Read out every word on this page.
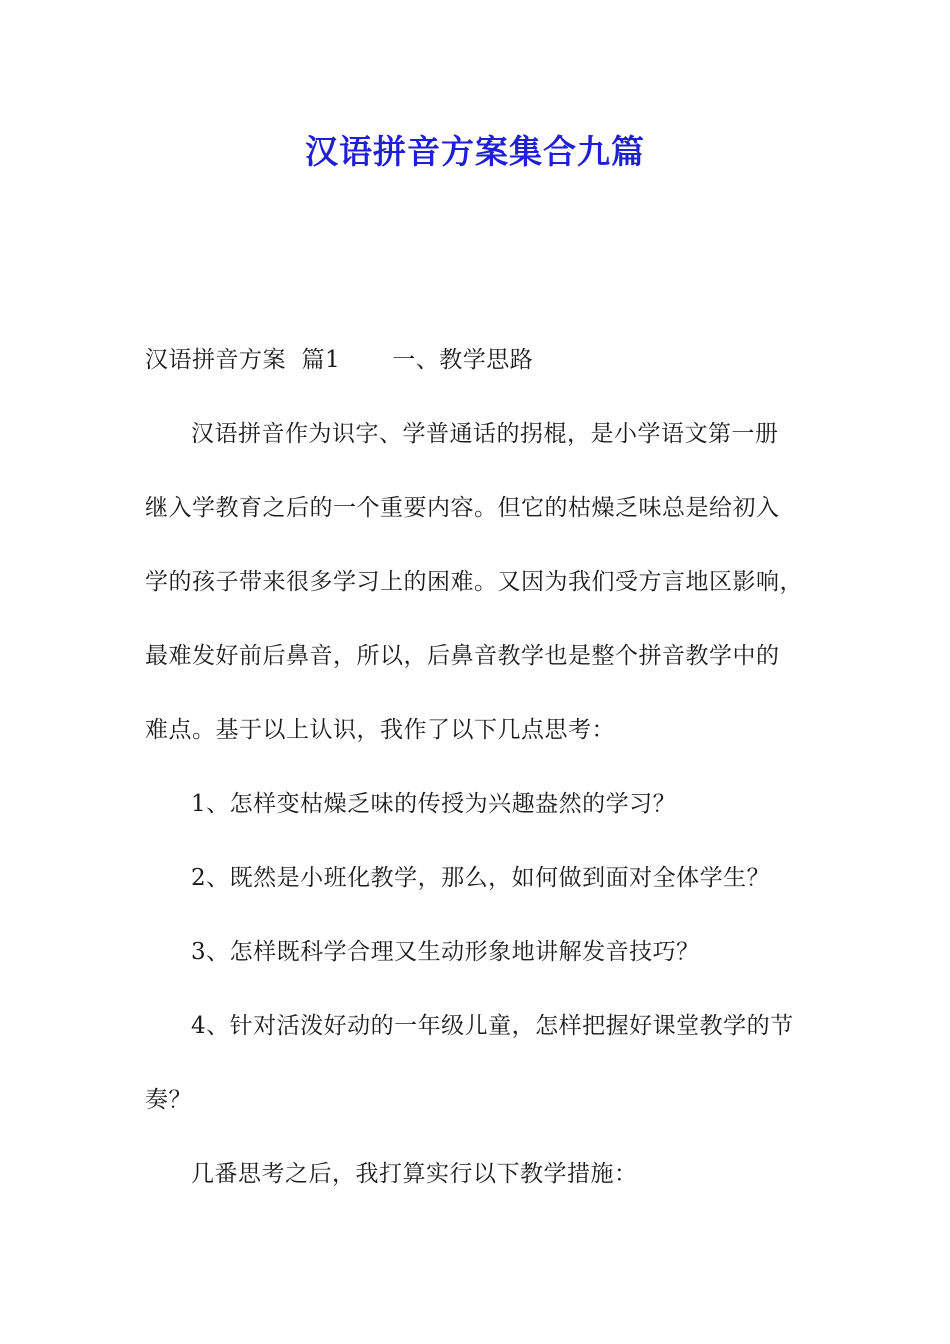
汉语拼音方案集合九篇
汉语拼音方案  篇1 一、教学思路
汉语拼音作为识字、学普通话的拐棍，是小学语文第一册
继入学教育之后的一个重要内容。但它的枯燥乏味总是给初入
学的孩子带来很多学习上的困难。又因为我们受方言地区影响，
最难发好前后鼻音，所以，后鼻音教学也是整个拼音教学中的
难点。基于以上认识，我作了以下几点思考：
1、怎样变枯燥乏味的传授为兴趣盎然的学习？
2、既然是小班化教学，那么，如何做到面对全体学生？
3、怎样既科学合理又生动形象地讲解发音技巧？
4、针对活泼好动的一年级儿童，怎样把握好课堂教学的节
奏？
几番思考之后，我打算实行以下教学措施：
